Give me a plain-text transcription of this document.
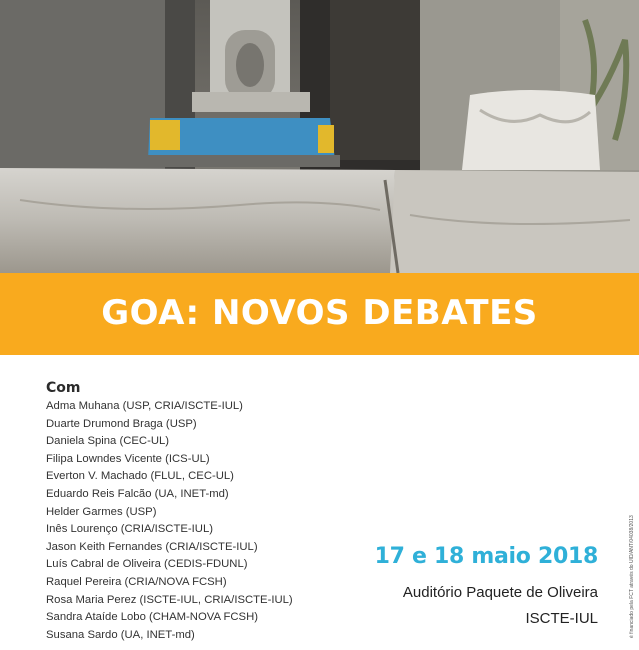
GOA: NOVOS DEBATES
Com
Adma Muhana (USP, CRIA/ISCTE-IUL)
Duarte Drumond Braga (USP)
Daniela Spina (CEC-UL)
Filipa Lowndes Vicente (ICS-UL)
Everton V. Machado (FLUL, CEC-UL)
Eduardo Reis Falcão (UA, INET-md)
Helder Garmes (USP)
Inês Lourenço (CRIA/ISCTE-IUL)
Jason Keith Fernandes (CRIA/ISCTE-IUL)
Luís Cabral de Oliveira (CEDIS-FDUNL)
Raquel Pereira (CRIA/NOVA FCSH)
Rosa Maria Perez (ISCTE-IUL, CRIA/ISCTE-IUL)
Sandra Ataíde Lobo (CHAM-NOVA FCSH)
Susana Sardo (UA, INET-md)
17 e 18 maio 2018
Auditório Paquete de Oliveira
ISCTE-IUL	é financiado pela FCT através do UID/ANT/04038/2013
